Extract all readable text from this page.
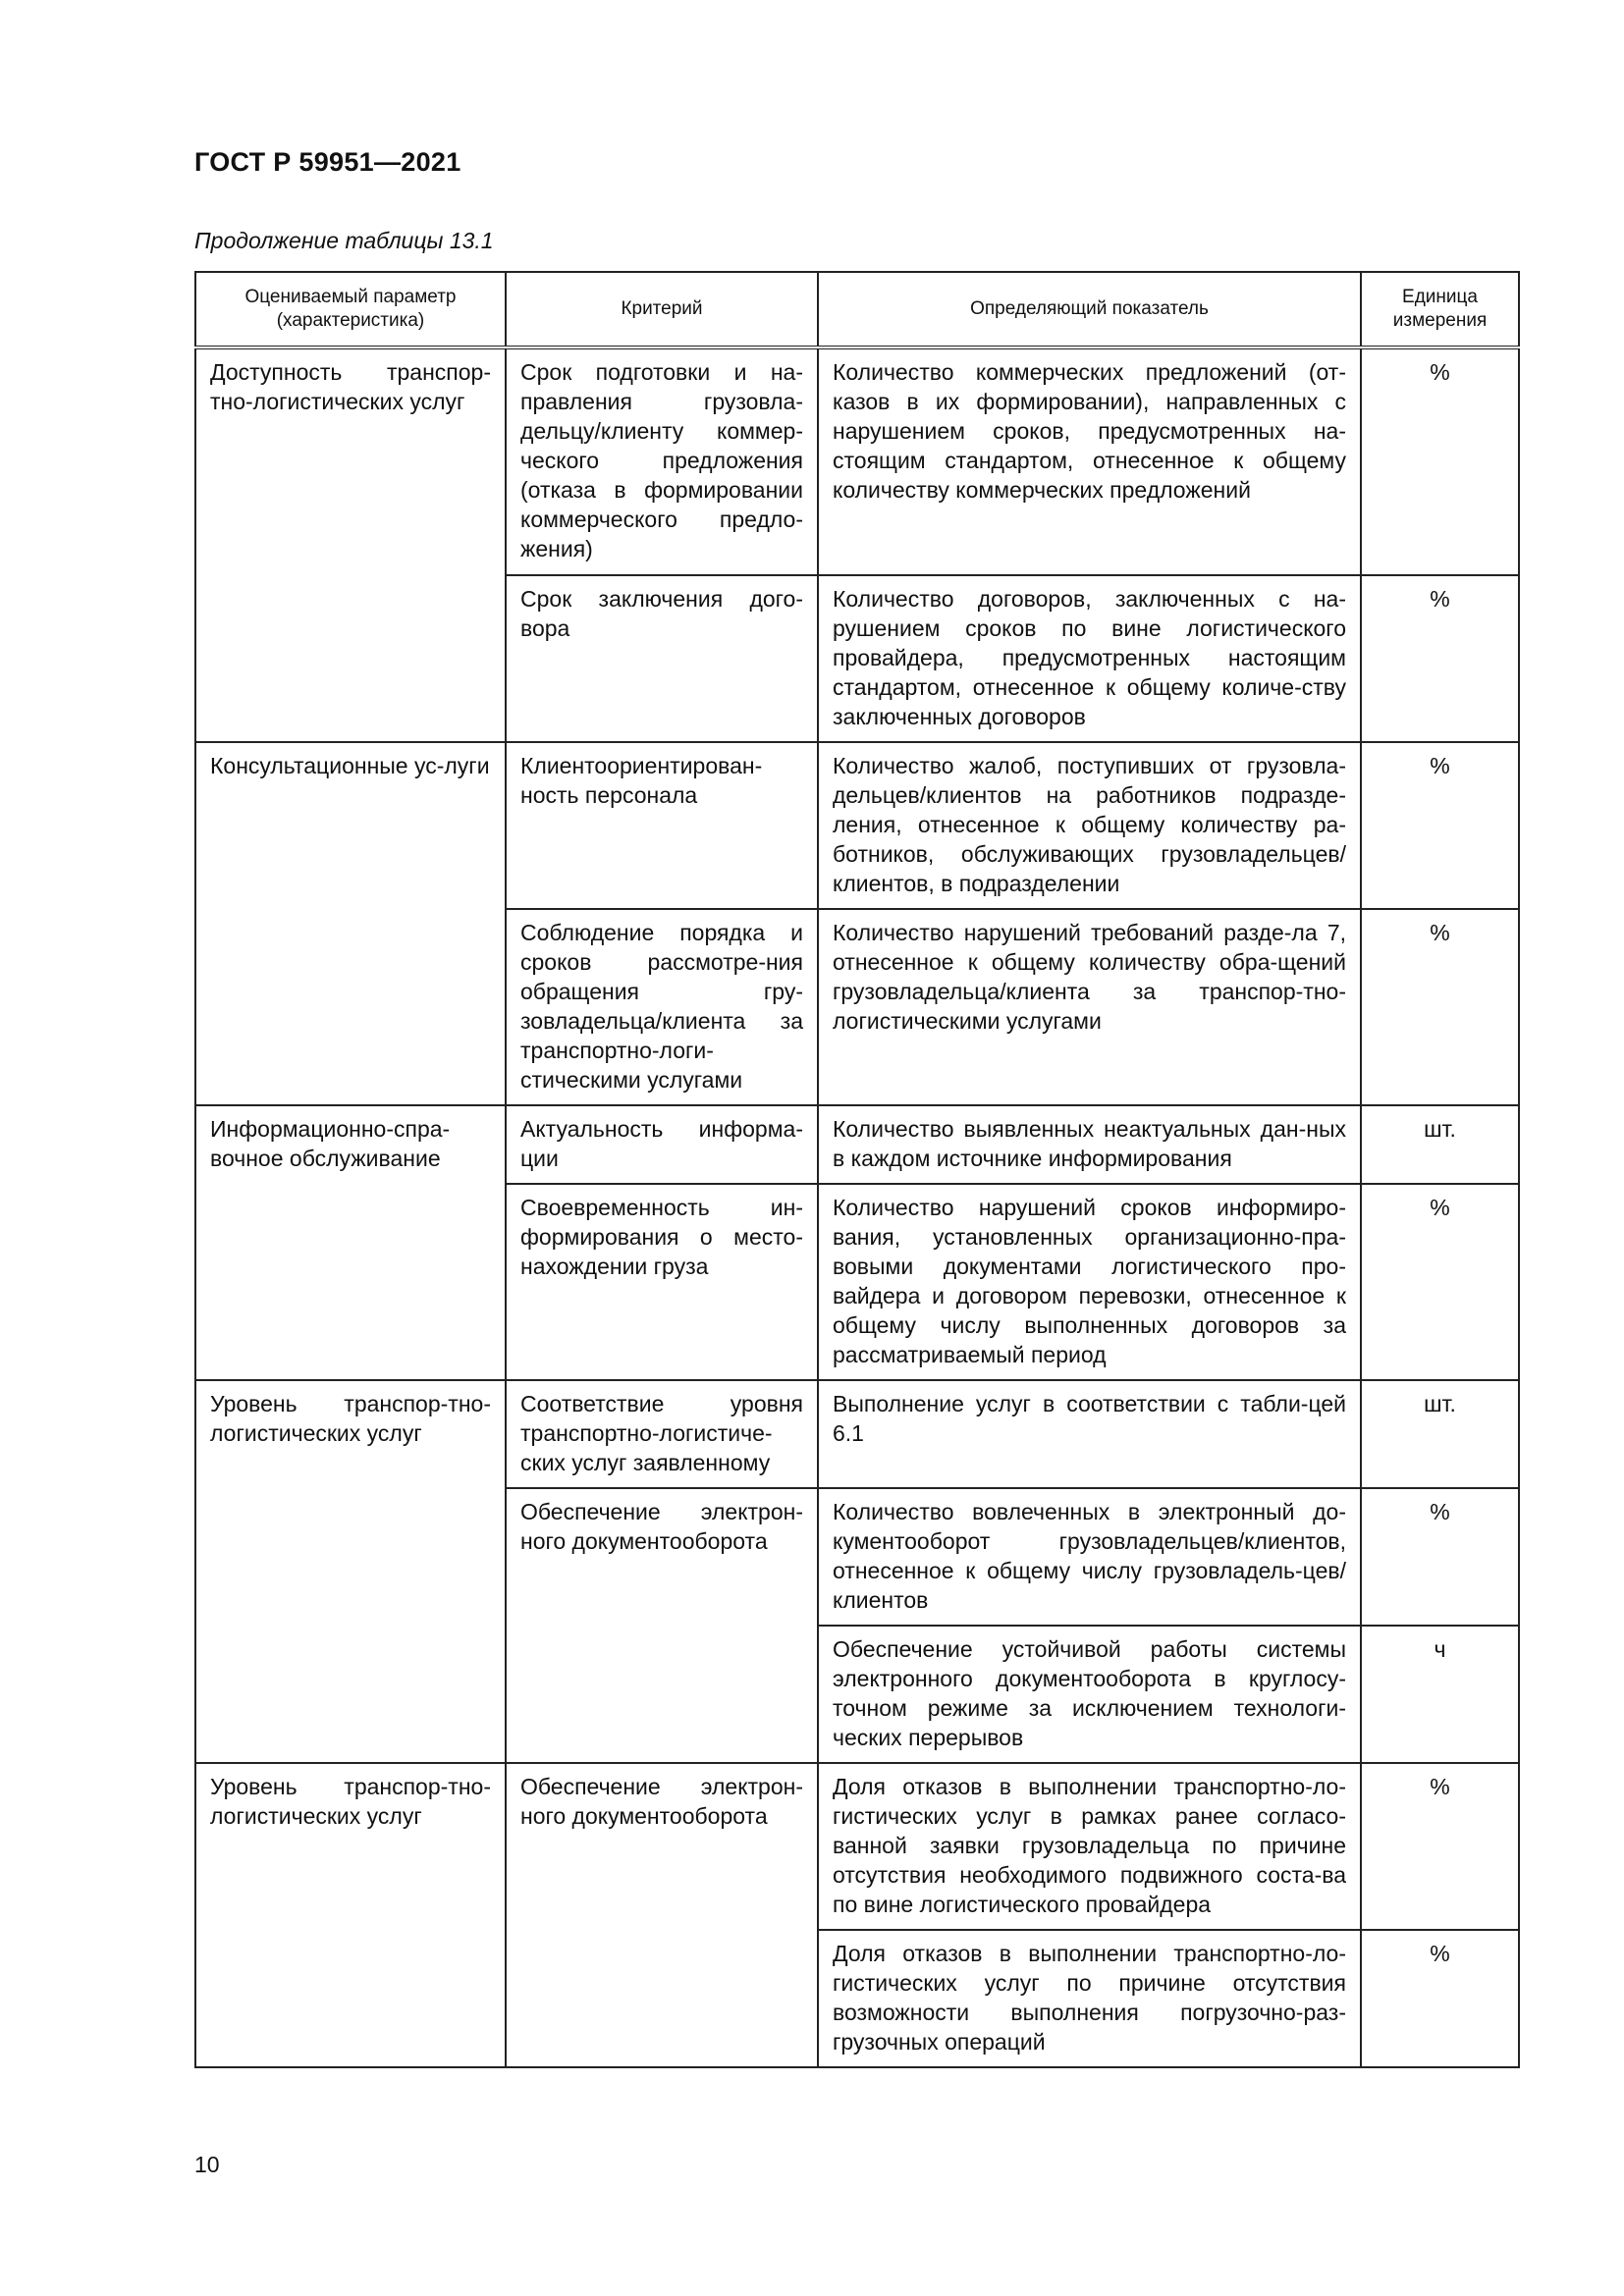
ГОСТ Р 59951—2021
Продолжение таблицы 13.1
Оцениваемый параметр (характеристика)	Критерий	Определяющий показатель	Единица измерения
Доступность транспор-тно-логистических услуг	Срок подготовки и на-правления грузовла-дельцу/клиенту коммер-ческого предложения (отказа в формировании коммерческого предло-жения)	Количество коммерческих предложений (от-казов в их формировании), направленных с нарушением сроков, предусмотренных на-стоящим стандартом, отнесенное к общему количеству коммерческих предложений	%
	Срок заключения дого-вора	Количество договоров, заключенных с на-рушением сроков по вине логистического провайдера, предусмотренных настоящим стандартом, отнесенное к общему количе-ству заключенных договоров	%
Консультационные ус-луги	Клиентоориентирован-ность персонала	Количество жалоб, поступивших от грузовла-дельцев/клиентов на работников подразде-ления, отнесенное к общему количеству ра-ботников, обслуживающих грузовладельцев/ клиентов, в подразделении	%
	Соблюдение порядка и сроков рассмотре-ния обращения гру-зовладельца/клиента за транспортно-логи-стическими услугами	Количество нарушений требований разде-ла 7, отнесенное к общему количеству обра-щений грузовладельца/клиента за транспор-тно-логистическими услугами	%
Информационно-спра-вочное обслуживание	Актуальность информа-ции	Количество выявленных неактуальных дан-ных в каждом источнике информирования	шт.
	Своевременность ин-формирования о место-нахождении груза	Количество нарушений сроков информиро-вания, установленных организационно-пра-вовыми документами логистического про-вайдера и договором перевозки, отнесенное к общему числу выполненных договоров за рассматриваемый период	%
Уровень транспор-тно-логистических услуг	Соответствие уровня транспортно-логистиче-ских услуг заявленному	Выполнение услуг в соответствии с табли-цей 6.1	шт.
	Обеспечение электрон-ного документооборота	Количество вовлеченных в электронный до-кументооборот грузовладельцев/клиентов, отнесенное к общему числу грузовладель-цев/клиентов	%
		Обеспечение устойчивой работы системы электронного документооборота в круглосу-точном режиме за исключением технологи-ческих перерывов	ч
Уровень транспор-тно-логистических услуг	Обеспечение электрон-ного документооборота	Доля отказов в выполнении транспортно-ло-гистических услуг в рамках ранее согласо-ванной заявки грузовладельца по причине отсутствия необходимого подвижного соста-ва по вине логистического провайдера	%
		Доля отказов в выполнении транспортно-ло-гистических услуг по причине отсутствия возможности выполнения погрузочно-раз-грузочных операций	%
10
